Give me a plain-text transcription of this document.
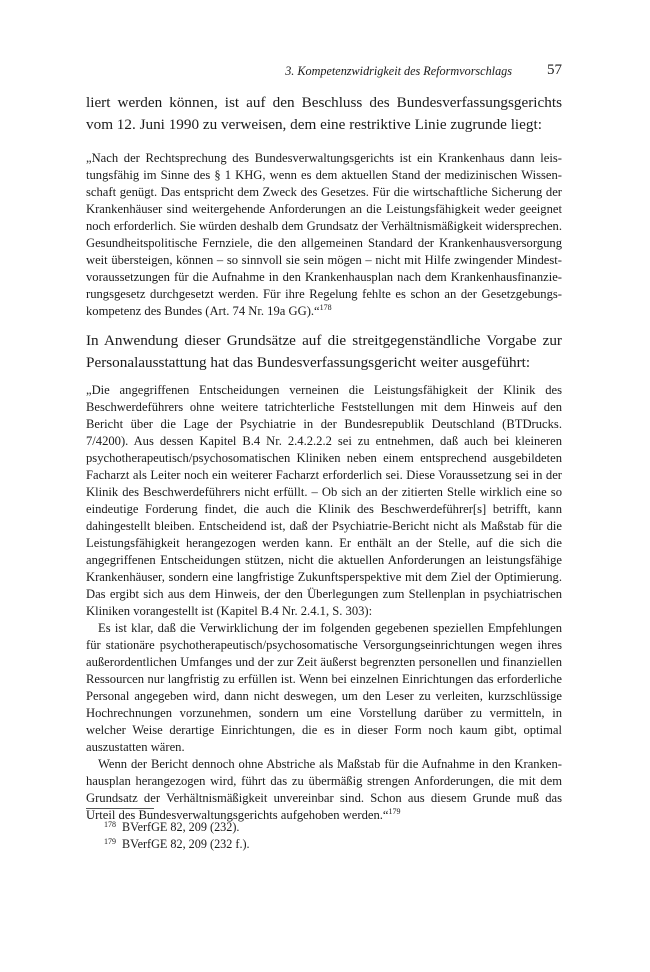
3. Kompetenzwidrigkeit des Reformvorschlags 57

liert werden können, ist auf den Beschluss des Bundesverfassungsgerichts vom 12. Juni 1990 zu verweisen, dem eine restriktive Linie zugrunde liegt:

„Nach der Rechtsprechung des Bundesverwaltungsgerichts ist ein Krankenhaus dann leistungsfähig im Sinne des § 1 KHG, wenn es dem aktuellen Stand der medizinischen Wissenschaft genügt. Das entspricht dem Zweck des Gesetzes. Für die wirtschaftliche Sicherung der Krankenhäuser sind weitergehende Anforderungen an die Leistungsfähigkeit weder geeignet noch erforderlich. Sie würden deshalb dem Grundsatz der Verhältnismäßigkeit widersprechen. Gesundheitspolitische Fernziele, die den allgemeinen Standard der Krankenhausversorgung weit übersteigen, können – so sinnvoll sie sein mögen – nicht mit Hilfe zwingender Mindestvoraussetzungen für die Aufnahme in den Krankenhausplan nach dem Krankenhausfinanzierungsgesetz durchgesetzt werden. Für ihre Regelung fehlte es schon an der Gesetzgebungskompetenz des Bundes (Art. 74 Nr. 19a GG).“$^{178}$

In Anwendung dieser Grundsätze auf die streitgegenständliche Vorgabe zur Personalausstattung hat das Bundesverfassungsgericht weiter ausgeführt:

„Die angegriffenen Entscheidungen verneinen die Leistungsfähigkeit der Klinik des Beschwerdeführers ohne weitere tatrichterliche Feststellungen mit dem Hinweis auf den Bericht über die Lage der Psychiatrie in der Bundesrepublik Deutschland (BTDrucks. 7/4200). Aus dessen Kapitel B.4 Nr. 2.4.2.2.2 sei zu entnehmen, daß auch bei kleineren psychotherapeutisch/psychosomatischen Kliniken neben einem entsprechend ausgebildeten Facharzt als Leiter noch ein weiterer Facharzt erforderlich sei. Diese Voraussetzung sei in der Klinik des Beschwerdeführers nicht erfüllt. – Ob sich an der zitierten Stelle wirklich eine so eindeutige Forderung findet, die auch die Klinik des Beschwerdeführer[s] betrifft, kann dahingestellt bleiben. Entscheidend ist, daß der Psychiatrie-Bericht nicht als Maßstab für die Leistungsfähigkeit herangezogen werden kann. Er enthält an der Stelle, auf die sich die angegriffenen Entscheidungen stützen, nicht die aktuellen Anforderungen an leistungsfähige Krankenhäuser, sondern eine langfristige Zukunftsperspektive mit dem Ziel der Optimierung. Das ergibt sich aus dem Hinweis, der den Überlegungen zum Stellenplan in psychiatrischen Kliniken vorangestellt ist (Kapitel B.4 Nr. 2.4.1, S. 303):

Es ist klar, daß die Verwirklichung der im folgenden gegebenen speziellen Empfehlungen für stationäre psychotherapeutisch/psychosomatische Versorgungseinrichtungen wegen ihres außerordentlichen Umfanges und der zur Zeit äußerst begrenzten personellen und finanziellen Ressourcen nur langfristig zu erfüllen ist. Wenn bei einzelnen Einrichtungen das erforderliche Personal angegeben wird, dann nicht deswegen, um den Leser zu verleiten, kurzschlüssige Hochrechnungen vorzunehmen, sondern um eine Vorstellung darüber zu vermitteln, in welcher Weise derartige Einrichtungen, die es in dieser Form noch kaum gibt, optimal auszustatten wären.

Wenn der Bericht dennoch ohne Abstriche als Maßstab für die Aufnahme in den Krankenhausplan herangezogen wird, führt das zu übermäßig strengen Anforderungen, die mit dem Grundsatz der Verhältnismäßigkeit unvereinbar sind. Schon aus diesem Grunde muß das Urteil des Bundesverwaltungsgerichts aufgehoben werden.“$^{179}$

$^{178}$ BVerfGE 82, 209 (232).

$^{179}$ BVerfGE 82, 209 (232 f.).
